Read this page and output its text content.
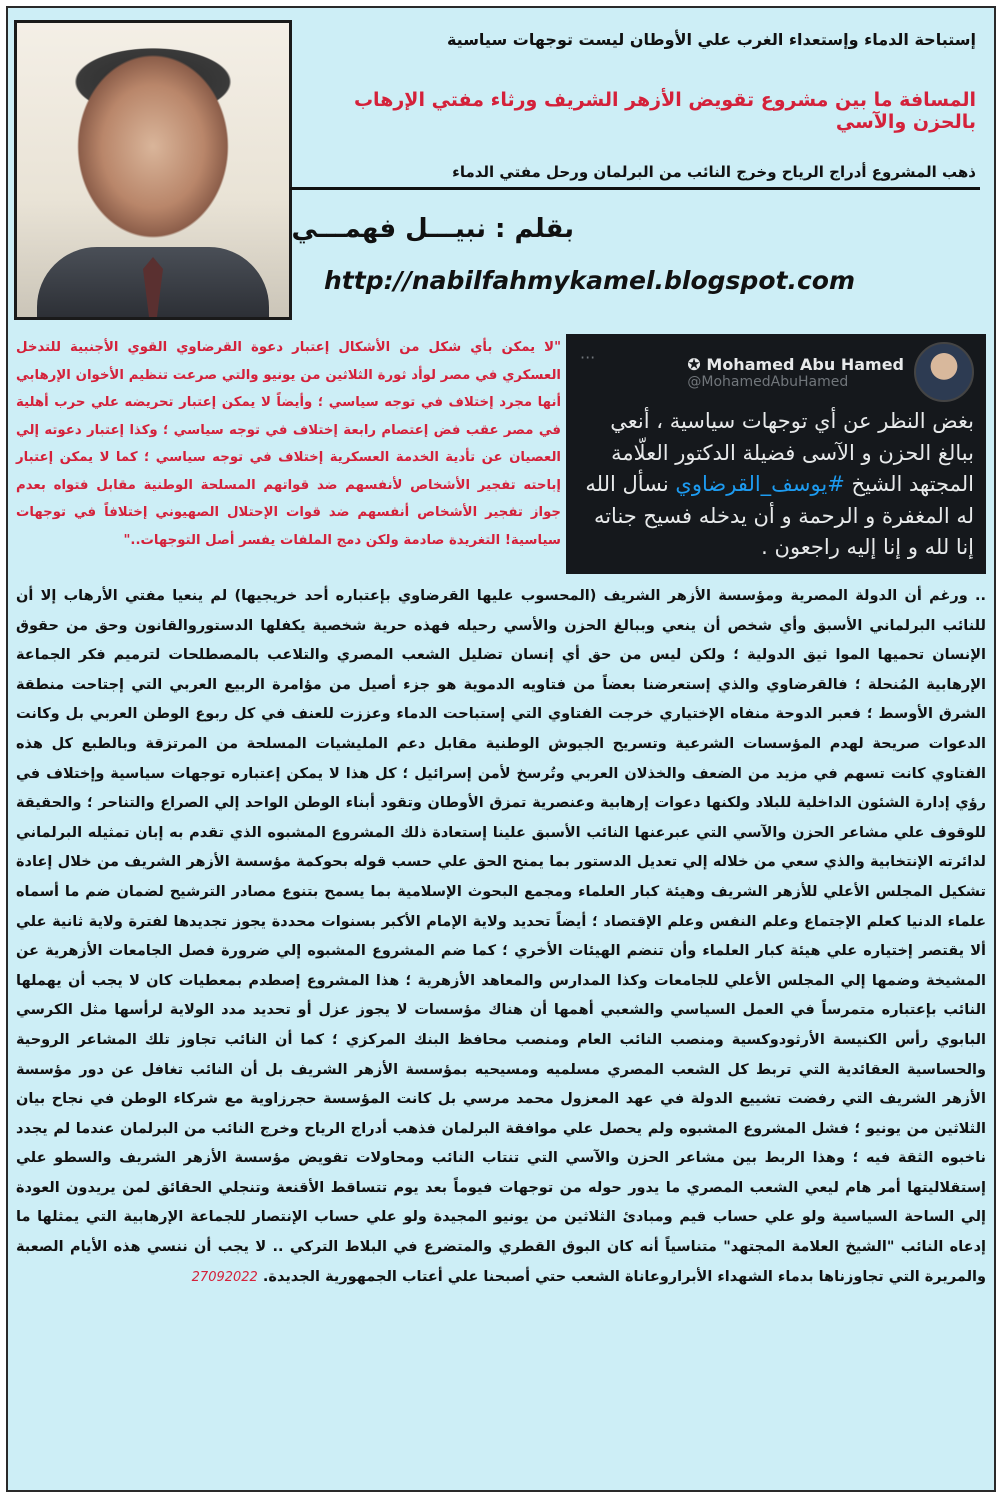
إستباحة الدماء وإستعداء الغرب علي الأوطان ليست توجهات سياسية

المسافة ما بين مشروع تقويض الأزهر الشريف ورثاء مفتي الإرهاب بالحزن والآسي

ذهب المشروع أدراج الرياح وخرج النائب من البرلمان ورحل مفتي الدماء

بقلم : نبيـــل فهمـــي
http://nabilfahmykamel.blogspot.com
···	✪ Mohamed Abu Hamed
@MohamedAbuHamed
بغض النظر عن أي توجهات سياسية ، أنعي ببالغ الحزن و الآسى فضيلة الدكتور العلّامة المجتهد الشيخ #يوسف_القرضاوي نسأل الله له المغفرة و الرحمة و أن يدخله فسيح جناته إنا لله و إنا إليه راجعون .
"لا يمكن بأي شكل من الأشكال إعتبار دعوة القرضاوي القوي الأجنبية للتدخل العسكري في مصر لوأد ثورة الثلاثين من يونيو والتي صرعت تنظيم الأخوان الإرهابي أنها مجرد إختلاف في توجه سياسي ؛ وأيضاً لا يمكن إعتبار تحريضه علي حرب أهلية في مصر عقب فض إعتصام رابعة إختلاف في توجه سياسي ؛ وكذا إعتبار دعوته إلي العصيان عن تأدية الخدمة العسكرية إختلاف في توجه سياسي ؛ كما لا يمكن إعتبار إباحته تفجير الأشخاص لأنفسهم ضد قواتهم المسلحة الوطنية مقابل فتواه بعدم جواز تفجير الأشخاص أنفسهم ضد قوات الإحتلال الصهيوني إختلافاً في توجهات سياسية! التغريدة صادمة ولكن دمج الملفات يفسر أصل التوجهات.."
.. ورغم أن الدولة المصرية ومؤسسة الأزهر الشريف (المحسوب عليها القرضاوي بإعتباره أحد خريجيها) لم ينعيا مفتي الأرهاب إلا أن للنائب البرلماني الأسبق وأي شخص أن ينعي وببالغ الحزن والأسي رحيله فهذه حرية شخصية يكفلها الدستوروالقانون وحق من حقوق الإنسان تحميها الموا ثيق الدولية ؛ ولكن ليس من حق أي إنسان تضليل الشعب المصري والتلاعب بالمصطلحات لترميم فكر الجماعة الإرهابية المُنحلة ؛ فالقرضاوي والذي إستعرضنا بعضاً من فتاويه الدموية هو جزء أصيل من مؤامرة الربيع العربي التي إجتاحت منطقة الشرق الأوسط ؛ فعبر الدوحة منفاه الإختياري خرجت الفتاوي التي إستباحت الدماء وعززت للعنف في كل ربوع الوطن العربي بل وكانت الدعوات صريحة لهدم المؤسسات الشرعية وتسريح الجيوش الوطنية مقابل دعم المليشيات المسلحة من المرتزقة وبالطبع كل هذه الفتاوي كانت تسهم في مزيد من الضعف والخذلان العربي وتُرسخ لأمن إسرائيل ؛ كل هذا لا يمكن إعتباره توجهات سياسية وإختلاف في رؤي إدارة الشئون الداخلية للبلاد ولكنها دعوات إرهابية وعنصرية تمزق الأوطان وتقود أبناء الوطن الواحد إلي الصراع والتناحر ؛ والحقيقة للوقوف علي مشاعر الحزن والآسي التي عبرعنها النائب الأسبق علينا إستعادة ذلك المشروع المشبوه الذي تقدم به إبان تمثيله البرلماني لدائرته الإنتخابية والذي سعي من خلاله إلي تعديل الدستور بما يمنح الحق علي حسب قوله بحوكمة مؤسسة الأزهر الشريف من خلال إعادة تشكيل المجلس الأعلي للأزهر الشريف وهيئة كبار العلماء ومجمع البحوث الإسلامية بما يسمح بتنوع مصادر الترشيح لضمان ضم ما أسماه علماء الدنيا كعلم الإجتماع وعلم النفس وعلم الإقتصاد ؛ أيضاً تحديد ولاية الإمام الأكبر بسنوات محددة يجوز تجديدها لفترة ولاية ثانية علي ألا يقتصر إختياره علي هيئة كبار العلماء وأن تنضم الهيئات الأخري ؛ كما ضم المشروع المشبوه إلي ضرورة فصل الجامعات الأزهرية عن المشيخة وضمها إلي المجلس الأعلي للجامعات وكذا المدارس والمعاهد الأزهرية ؛ هذا المشروع إصطدم بمعطيات كان لا يجب أن يهملها النائب بإعتباره متمرساً في العمل السياسي والشعبي أهمها أن هناك مؤسسات لا يجوز عزل أو تحديد مدد الولاية لرأسها مثل الكرسي البابوي رأس الكنيسة الأرثودوكسية ومنصب النائب العام ومنصب محافظ البنك المركزي ؛ كما أن النائب تجاوز تلك المشاعر الروحية والحساسية العقائدية التي تربط كل الشعب المصري مسلميه ومسيحيه بمؤسسة الأزهر الشريف بل أن النائب تغافل عن دور مؤسسة الأزهر الشريف التي رفضت تشييع الدولة في عهد المعزول محمد مرسي بل كانت المؤسسة حجرزاوية مع شركاء الوطن في نجاح بيان الثلاثين من يونيو ؛ فشل المشروع المشبوه ولم يحصل علي موافقة البرلمان فذهب أدراج الرياح وخرج النائب من البرلمان عندما لم يجدد ناخبوه الثقة فيه ؛ وهذا الربط بين مشاعر الحزن والآسي التي تنتاب النائب ومحاولات تقويض مؤسسة الأزهر الشريف والسطو علي إستقلاليتها أمر هام ليعي الشعب المصري ما يدور حوله من توجهات فيوماً بعد يوم تتساقط الأقنعة وتنجلي الحقائق لمن يريدون العودة إلي الساحة السياسية ولو علي حساب قيم ومبادئ الثلاثين من يونيو المجيدة ولو علي حساب الإنتصار للجماعة الإرهابية التي يمثلها ما إدعاه النائب "الشيخ العلامة المجتهد" متناسياً أنه كان البوق القطري والمتضرع في البلاط التركي .. لا يجب أن ننسي هذه الأيام الصعبة والمريرة التي تجاوزناها بدماء الشهداء الأبراروعاناة الشعب حتي أصبحنا علي أعتاب الجمهورية الجديدة. 27092022
